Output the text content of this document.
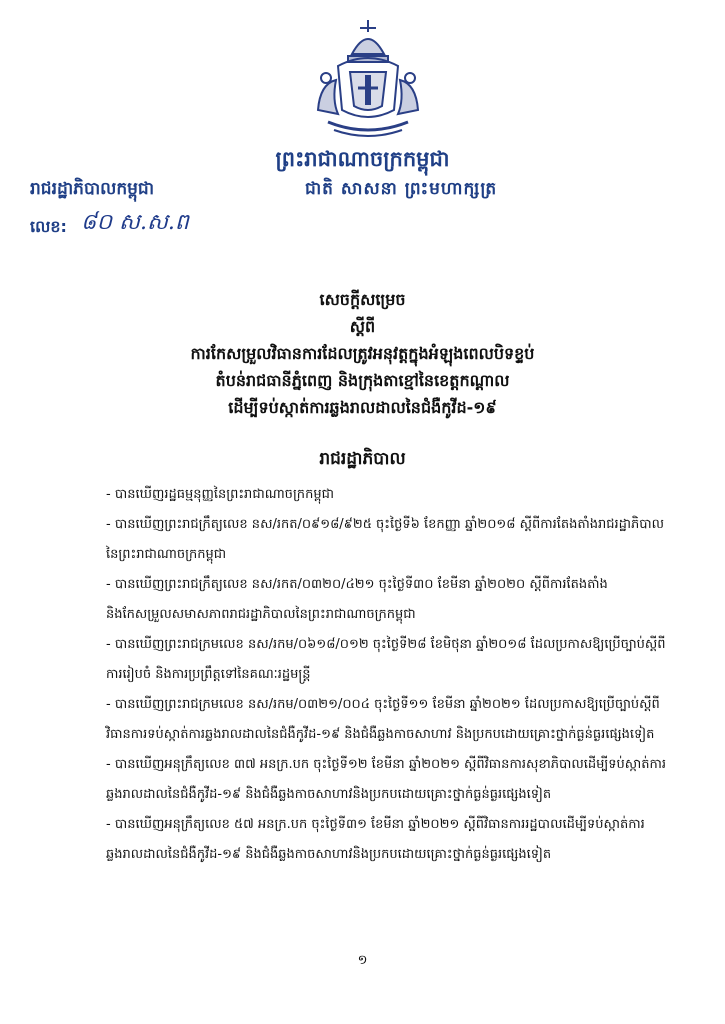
ព្រះរាជាណាចក្រកម្ពុជា
រាជរដ្ឋាភិបាលកម្ពុជា	ជាតិ សាសនា ព្រះមហាក្សត្រ
លេខ: ៨០ ស.ស.ព
សេចក្តីសម្រេច
ស្តីពី
ការកែសម្រួលវិធានការដែលត្រូវអនុវត្តក្នុងអំឡុងពេលបិទខ្ទប់
តំបន់រាជធានីភ្នំពេញ និងក្រុងតាខ្មៅនៃខេត្តកណ្តាល
ដើម្បីទប់ស្កាត់ការឆ្លងរាលដាលនៃជំងឺកូវីដ-១៩
រាជរដ្ឋាភិបាល
- បានឃើញរដ្ឋធម្មនុញ្ញនៃព្រះរាជាណាចក្រកម្ពុជា
- បានឃើញព្រះរាជក្រឹត្យលេខ នស/រកត/០៩១៨/៩២៥ ចុះថ្ងៃទី៦ ខែកញ្ញា ឆ្នាំ២០១៨ ស្តីពីការតែងតាំងរាជរដ្ឋាភិបាលនៃព្រះរាជាណាចក្រកម្ពុជា
- បានឃើញព្រះរាជក្រឹត្យលេខ នស/រកត/០៣២០/៤២១ ចុះថ្ងៃទី៣០ ខែមីនា ឆ្នាំ២០២០ ស្តីពីការតែងតាំង និងកែសម្រួលសមាសភាពរាជរដ្ឋាភិបាលនៃព្រះរាជាណាចក្រកម្ពុជា
- បានឃើញព្រះរាជក្រមលេខ នស/រកម/០៦១៨/០១២ ចុះថ្ងៃទី២៨ ខែមិថុនា ឆ្នាំ២០១៨ ដែលប្រកាសឱ្យប្រើច្បាប់ស្តីពីការរៀបចំ និងការប្រព្រឹត្តទៅនៃគណៈរដ្ឋមន្ត្រី
- បានឃើញព្រះរាជក្រមលេខ នស/រកម/០៣២១/០០៤ ចុះថ្ងៃទី១១ ខែមីនា ឆ្នាំ២០២១ ដែលប្រកាសឱ្យប្រើច្បាប់ស្តីពីវិធានការទប់ស្កាត់ការឆ្លងរាលដាលនៃជំងឺកូវីដ-១៩ និងជំងឺឆ្លងកាចសាហាវ និងប្រកបដោយគ្រោះថ្នាក់ធ្ងន់ធ្ងរផ្សេងទៀត
- បានឃើញអនុក្រឹត្យលេខ ៣៧ អនក្រ.បក ចុះថ្ងៃទី១២ ខែមីនា ឆ្នាំ២០២១ ស្តីពីវិធានការសុខាភិបាលដើម្បីទប់ស្កាត់ការឆ្លងរាលដាលនៃជំងឺកូវីដ-១៩ និងជំងឺឆ្លងកាចសាហាវនិងប្រកបដោយគ្រោះថ្នាក់ធ្ងន់ធ្ងរផ្សេងទៀត
- បានឃើញអនុក្រឹត្យលេខ ៥៧ អនក្រ.បក ចុះថ្ងៃទី៣១ ខែមីនា ឆ្នាំ២០២១ ស្តីពីវិធានការរដ្ឋបាលដើម្បីទប់ស្កាត់ការឆ្លងរាលដាលនៃជំងឺកូវីដ-១៩ និងជំងឺឆ្លងកាចសាហាវនិងប្រកបដោយគ្រោះថ្នាក់ធ្ងន់ធ្ងរផ្សេងទៀត
១
